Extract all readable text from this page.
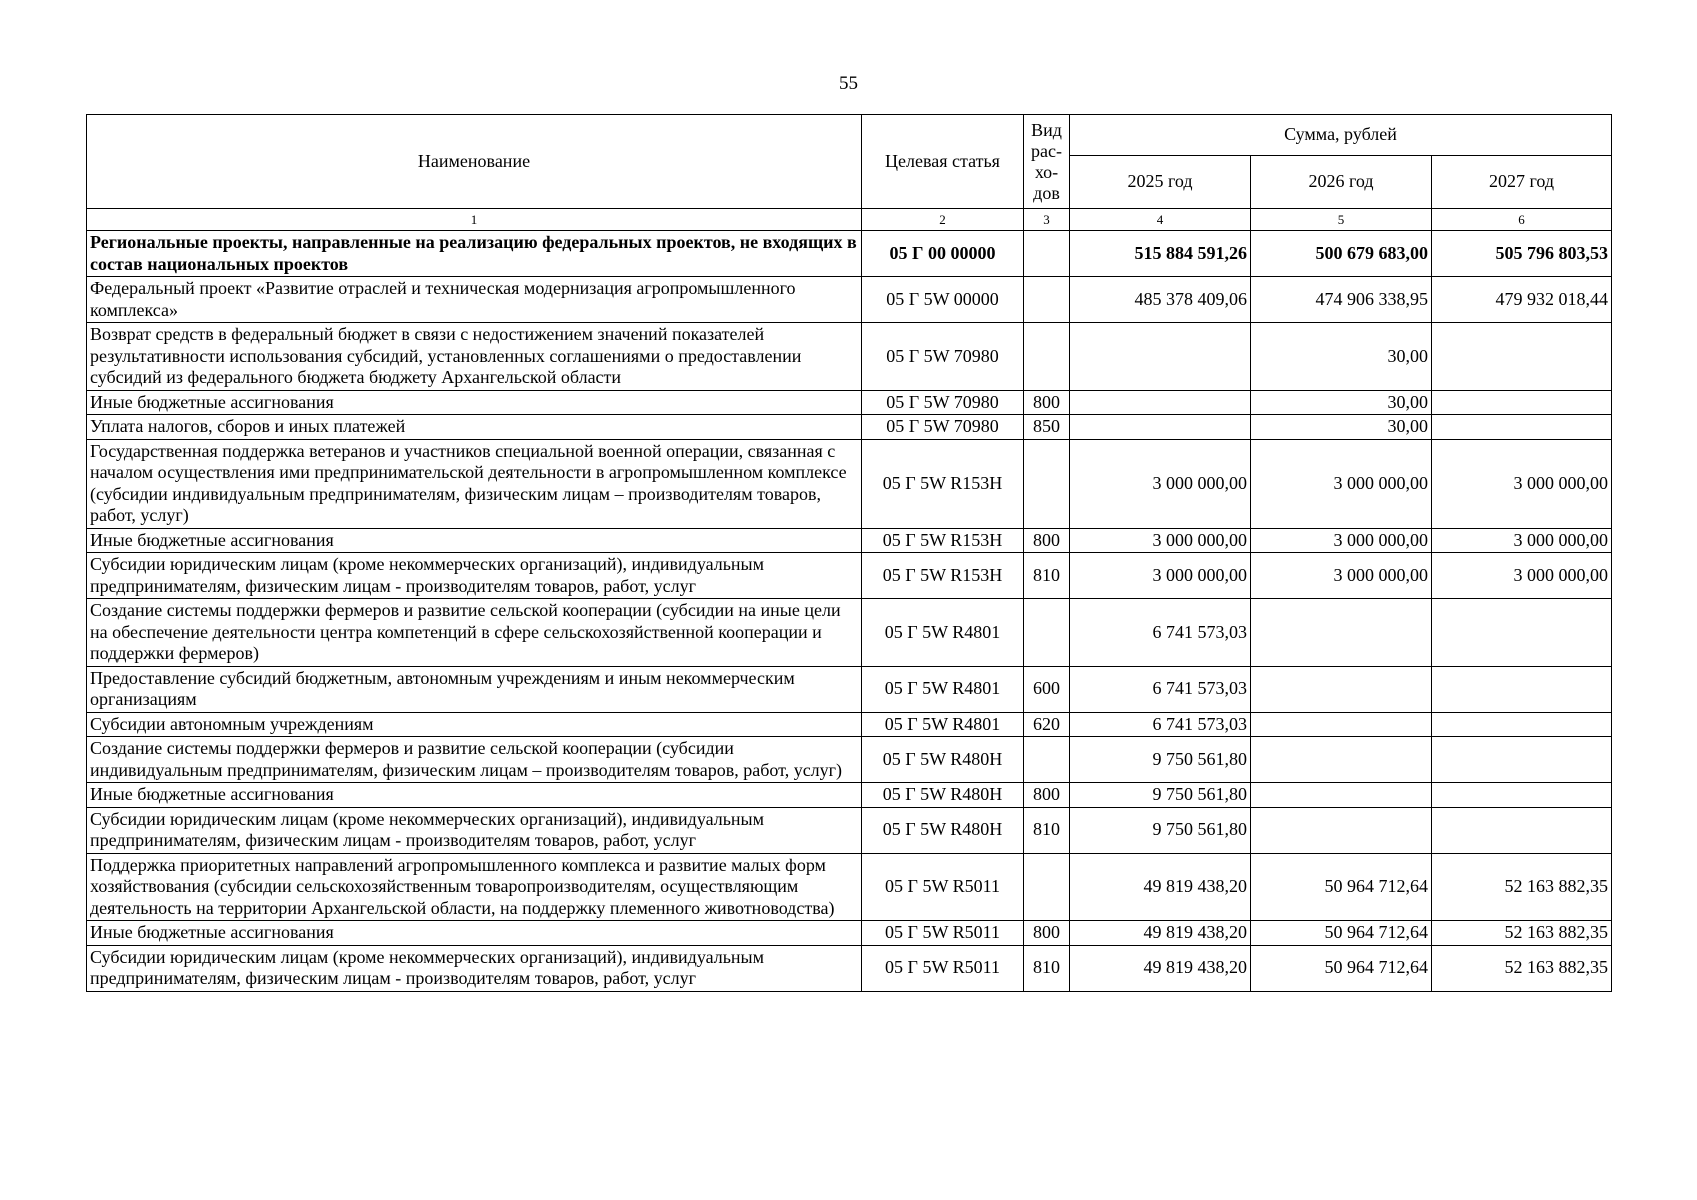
55
Наименование	Целевая статья	Вид рас- хо- дов	Сумма, рублей		
			2025 год	2026 год	2027 год
1	2	3	4	5	6
Региональные проекты, направленные на реализацию федеральных проектов, не входящих в состав национальных проектов	05 Г 00 00000		515 884 591,26	500 679 683,00	505 796 803,53
Федеральный проект «Развитие отраслей и техническая модернизация агропромышленного комплекса»	05 Г 5W 00000		485 378 409,06	474 906 338,95	479 932 018,44
Возврат средств в федеральный бюджет в связи с недостижением значений показателей результативности использования субсидий, установленных соглашениями о предоставлении субсидий из федерального бюджета бюджету Архангельской области	05 Г 5W 70980			30,00	
Иные бюджетные ассигнования	05 Г 5W 70980	800		30,00	
Уплата налогов, сборов и иных платежей	05 Г 5W 70980	850		30,00	
Государственная поддержка ветеранов и участников специальной военной операции, связанная с началом осуществления ими предпринимательской деятельности в агропромышленном комплексе (субсидии индивидуальным предпринимателям, физическим лицам – производителям товаров, работ, услуг)	05 Г 5W R153Н		3 000 000,00	3 000 000,00	3 000 000,00
Иные бюджетные ассигнования	05 Г 5W R153Н	800	3 000 000,00	3 000 000,00	3 000 000,00
Субсидии юридическим лицам (кроме некоммерческих организаций), индивидуальным предпринимателям, физическим лицам - производителям товаров, работ, услуг	05 Г 5W R153Н	810	3 000 000,00	3 000 000,00	3 000 000,00
Создание системы поддержки фермеров и развитие сельской кооперации (субсидии на иные цели на обеспечение деятельности центра компетенций в сфере сельскохозяйственной кооперации и поддержки фермеров)	05 Г 5W R4801		6 741 573,03		
Предоставление субсидий бюджетным, автономным учреждениям и иным некоммерческим организациям	05 Г 5W R4801	600	6 741 573,03		
Субсидии автономным учреждениям	05 Г 5W R4801	620	6 741 573,03		
Создание системы поддержки фермеров и развитие сельской кооперации (субсидии индивидуальным предпринимателям, физическим лицам – производителям товаров, работ, услуг)	05 Г 5W R480Н		9 750 561,80		
Иные бюджетные ассигнования	05 Г 5W R480Н	800	9 750 561,80		
Субсидии юридическим лицам (кроме некоммерческих организаций), индивидуальным предпринимателям, физическим лицам - производителям товаров, работ, услуг	05 Г 5W R480Н	810	9 750 561,80		
Поддержка приоритетных направлений агропромышленного комплекса и развитие малых форм хозяйствования (субсидии сельскохозяйственным товаропроизводителям, осуществляющим деятельность на территории Архангельской области, на поддержку племенного животноводства)	05 Г 5W R5011		49 819 438,20	50 964 712,64	52 163 882,35
Иные бюджетные ассигнования	05 Г 5W R5011	800	49 819 438,20	50 964 712,64	52 163 882,35
Субсидии юридическим лицам (кроме некоммерческих организаций), индивидуальным предпринимателям, физическим лицам - производителям товаров, работ, услуг	05 Г 5W R5011	810	49 819 438,20	50 964 712,64	52 163 882,35
